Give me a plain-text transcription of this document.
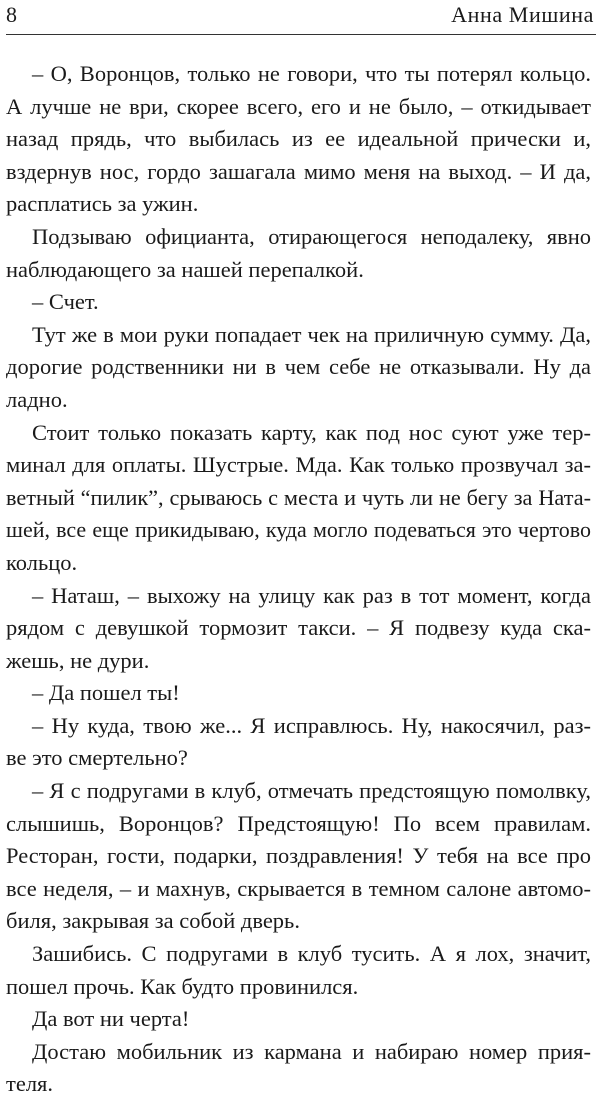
8	Анна Мишина
– О, Воронцов, только не говори, что ты потерял кольцо.
А лучше не ври, скорее всего, его и не было, – откидывает
назад прядь, что выбилась из ее идеальной прически и,
вздернув нос, гордо зашагала мимо меня на выход. – И да,
расплатись за ужин.
Подзываю официанта, отирающегося неподалеку, явно
наблюдающего за нашей перепалкой.
– Счет.
Тут же в мои руки попадает чек на приличную сумму. Да,
дорогие родственники ни в чем себе не отказывали. Ну да
ладно.
Стоит только показать карту, как под нос суют уже тер-
минал для оплаты. Шустрые. Мда. Как только прозвучал за-
ветный “пилик”, срываюсь с места и чуть ли не бегу за Ната-
шей, все еще прикидываю, куда могло подеваться это чертово
кольцо.
– Наташ, – выхожу на улицу как раз в тот момент, когда
рядом с девушкой тормозит такси. – Я подвезу куда ска-
жешь, не дури.
– Да пошел ты!
– Ну куда, твою же... Я исправлюсь. Ну, накосячил, раз-
ве это смертельно?
– Я с подругами в клуб, отмечать предстоящую помолвку,
слышишь, Воронцов? Предстоящую! По всем правилам.
Ресторан, гости, подарки, поздравления! У тебя на все про
все неделя, – и махнув, скрывается в темном салоне автомо-
биля, закрывая за собой дверь.
Зашибись. С подругами в клуб тусить. А я лох, значит,
пошел прочь. Как будто провинился.
Да вот ни черта!
Достаю мобильник из кармана и набираю номер прия-
теля.
